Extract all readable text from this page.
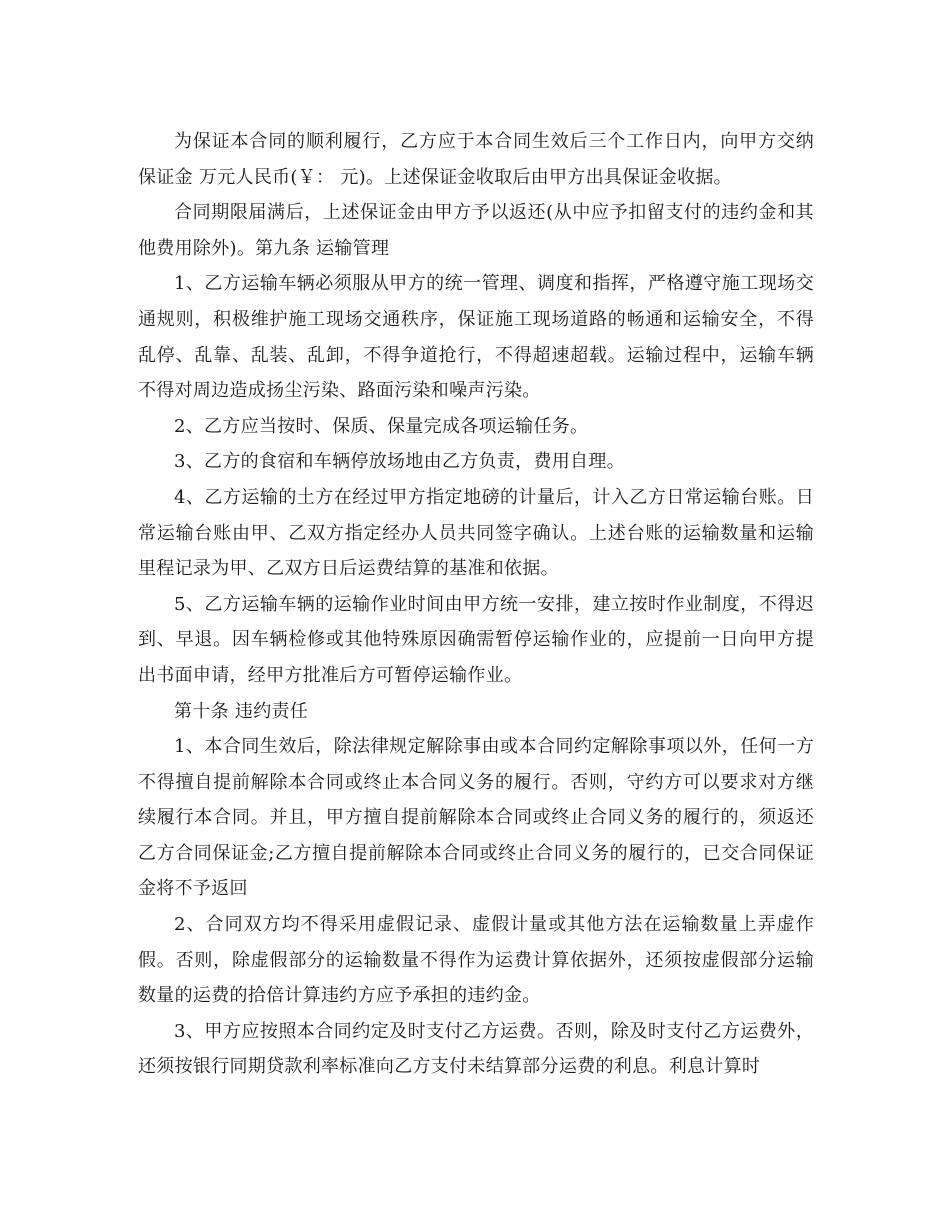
为保证本合同的顺利履行，乙方应于本合同生效后三个工作日内，向甲方交纳保证金 万元人民币(￥： 元)。上述保证金收取后由甲方出具保证金收据。

合同期限届满后，上述保证金由甲方予以返还(从中应予扣留支付的违约金和其他费用除外)。第九条 运输管理

1、乙方运输车辆必须服从甲方的统一管理、调度和指挥，严格遵守施工现场交通规则，积极维护施工现场交通秩序，保证施工现场道路的畅通和运输安全，不得乱停、乱靠、乱装、乱卸，不得争道抢行，不得超速超载。运输过程中，运输车辆不得对周边造成扬尘污染、路面污染和噪声污染。

2、乙方应当按时、保质、保量完成各项运输任务。

3、乙方的食宿和车辆停放场地由乙方负责，费用自理。

4、乙方运输的土方在经过甲方指定地磅的计量后，计入乙方日常运输台账。日常运输台账由甲、乙双方指定经办人员共同签字确认。上述台账的运输数量和运输里程记录为甲、乙双方日后运费结算的基准和依据。

5、乙方运输车辆的运输作业时间由甲方统一安排，建立按时作业制度，不得迟到、早退。因车辆检修或其他特殊原因确需暂停运输作业的，应提前一日向甲方提出书面申请，经甲方批准后方可暂停运输作业。

第十条 违约责任

1、本合同生效后，除法律规定解除事由或本合同约定解除事项以外，任何一方不得擅自提前解除本合同或终止本合同义务的履行。否则，守约方可以要求对方继续履行本合同。并且，甲方擅自提前解除本合同或终止合同义务的履行的，须返还乙方合同保证金;乙方擅自提前解除本合同或终止合同义务的履行的，已交合同保证金将不予返回

2、合同双方均不得采用虚假记录、虚假计量或其他方法在运输数量上弄虚作假。否则，除虚假部分的运输数量不得作为运费计算依据外，还须按虚假部分运输数量的运费的拾倍计算违约方应予承担的违约金。

3、甲方应按照本合同约定及时支付乙方运费。否则，除及时支付乙方运费外，还须按银行同期贷款利率标准向乙方支付未结算部分运费的利息。利息计算时
